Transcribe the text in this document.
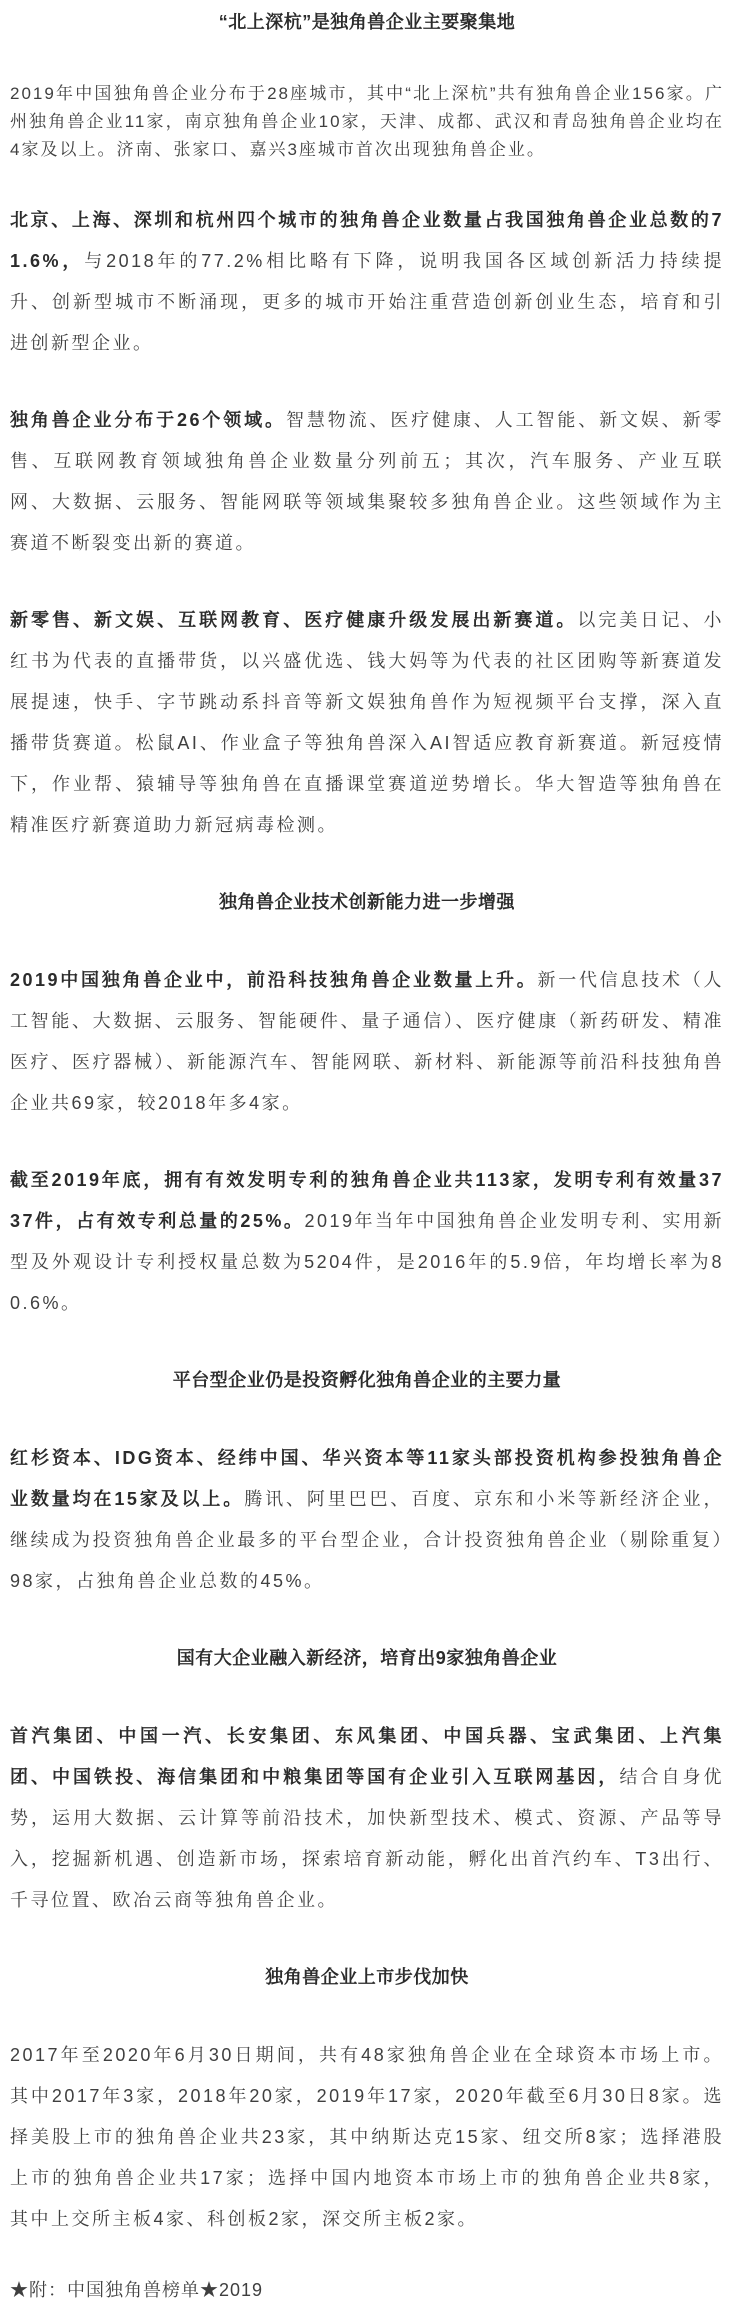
“北上深杭”是独角兽企业主要聚集地

2019年中国独角兽企业分布于28座城市，其中“北上深杭”共有独角兽企业156家。广州独角兽企业11家，南京独角兽企业10家，天津、成都、武汉和青岛独角兽企业均在4家及以上。济南、张家口、嘉兴3座城市首次出现独角兽企业。

北京、上海、深圳和杭州四个城市的独角兽企业数量占我国独角兽企业总数的71.6%，与2018年的77.2%相比略有下降，说明我国各区域创新活力持续提升、创新型城市不断涌现，更多的城市开始注重营造创新创业生态，培育和引进创新型企业。

独角兽企业分布于26个领域。智慧物流、医疗健康、人工智能、新文娱、新零售、互联网教育领域独角兽企业数量分列前五；其次，汽车服务、产业互联网、大数据、云服务、智能网联等领域集聚较多独角兽企业。这些领域作为主赛道不断裂变出新的赛道。

新零售、新文娱、互联网教育、医疗健康升级发展出新赛道。以完美日记、小红书为代表的直播带货，以兴盛优选、钱大妈等为代表的社区团购等新赛道发展提速，快手、字节跳动系抖音等新文娱独角兽作为短视频平台支撑，深入直播带货赛道。松鼠AI、作业盒子等独角兽深入AI智适应教育新赛道。新冠疫情下，作业帮、猿辅导等独角兽在直播课堂赛道逆势增长。华大智造等独角兽在精准医疗新赛道助力新冠病毒检测。

独角兽企业技术创新能力进一步增强

2019中国独角兽企业中，前沿科技独角兽企业数量上升。新一代信息技术（人工智能、大数据、云服务、智能硬件、量子通信）、医疗健康（新药研发、精准医疗、医疗器械）、新能源汽车、智能网联、新材料、新能源等前沿科技独角兽企业共69家，较2018年多4家。

截至2019年底，拥有有效发明专利的独角兽企业共113家，发明专利有效量3737件，占有效专利总量的25%。2019年当年中国独角兽企业发明专利、实用新型及外观设计专利授权量总数为5204件，是2016年的5.9倍，年均增长率为80.6%。

平台型企业仍是投资孵化独角兽企业的主要力量

红杉资本、IDG资本、经纬中国、华兴资本等11家头部投资机构参投独角兽企业数量均在15家及以上。腾讯、阿里巴巴、百度、京东和小米等新经济企业，继续成为投资独角兽企业最多的平台型企业，合计投资独角兽企业（剔除重复）98家，占独角兽企业总数的45%。

国有大企业融入新经济，培育出9家独角兽企业

首汽集团、中国一汽、长安集团、东风集团、中国兵器、宝武集团、上汽集团、中国铁投、海信集团和中粮集团等国有企业引入互联网基因，结合自身优势，运用大数据、云计算等前沿技术，加快新型技术、模式、资源、产品等导入，挖掘新机遇、创造新市场，探索培育新动能，孵化出首汽约车、T3出行、千寻位置、欧冶云商等独角兽企业。

独角兽企业上市步伐加快

2017年至2020年6月30日期间，共有48家独角兽企业在全球资本市场上市。其中2017年3家，2018年20家，2019年17家，2020年截至6月30日8家。选择美股上市的独角兽企业共23家，其中纳斯达克15家、纽交所8家；选择港股上市的独角兽企业共17家；选择中国内地资本市场上市的独角兽企业共8家，其中上交所主板4家、科创板2家，深交所主板2家。

★附：中国独角兽榜单★2019
